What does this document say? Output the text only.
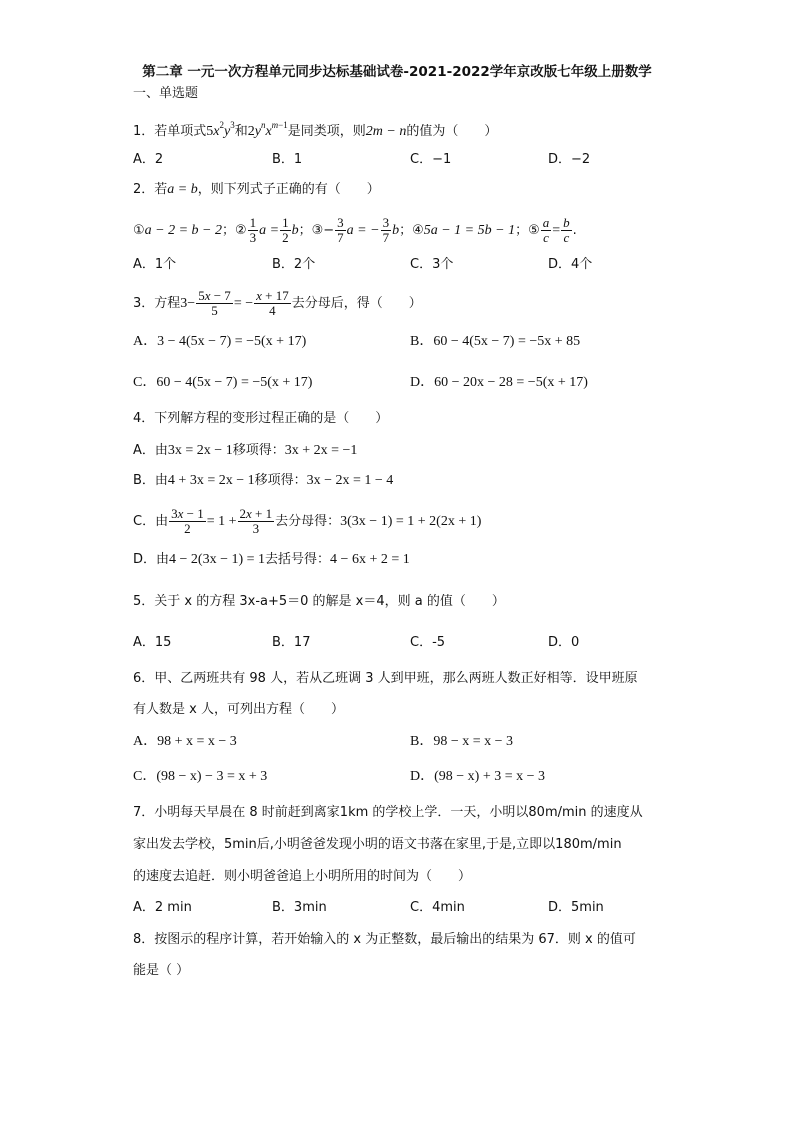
第二章 一元一次方程单元同步达标基础试卷-2021-2022学年京改版七年级上册数学
一、单选题
1．若单项式$5x^2y^3$和$2y^nx^{m-1}$是同类项，则2m − n的值为（　　）
A．2	B．1	C．−1	D．−2
2．若a = b，则下列式子正确的有（　　）
①a − 2 = b − 2；② $\frac{1}{3}$ $a = \frac{1}{2}$ b；③− $\frac{3}{7}$ a = − $\frac{3}{7}$ b；④5a − 1 = 5b − 1；⑤ $\frac{a}{c} = \frac{b}{c}$ .
A．1个	B．2个	C．3个	D．4个
3．方程$3- \frac{5x - 7}{5}$ = − $\frac{x + 17}{4}$ 去分母后，得（　　）
A．3 − 4(5x − 7) = −5(x + 17)	B．60 − 4(5x − 7) = −5x + 85
C．60 − 4(5x − 7) = −5(x + 17)	D．60 − 20x − 28 = −5(x + 17)
4．下列解方程的变形过程正确的是（　　）
A．由3x = 2x − 1移项得：3x + 2x = −1
B．由4 + 3x = 2x − 1移项得：3x − 2x = 1 − 4
C．由 $\frac{3x - 1}{2} = 1 + \frac{2x + 1}{3}$ 去分母得：3(3x − 1) = 1 + 2(2x + 1)
D．由4 − 2(3x − 1) = 1去括号得：4 − 6x + 2 = 1
5．关于 x 的方程 3x-a+5＝0 的解是 x＝4，则 a 的值（　　）
A．15	B．17	C．-5	D．0
6．甲、乙两班共有 98 人，若从乙班调 3 人到甲班，那么两班人数正好相等．设甲班原
有人数是 x 人，可列出方程（　　）
A．98 + x = x − 3	B．98 − x = x − 3
C．(98 − x) − 3 = x + 3	D．(98 − x) + 3 = x − 3
7．小明每天早晨在 8 时前赶到离家1km 的学校上学．一天，小明以80m/min 的速度从
家出发去学校，5min后,小明爸爸发现小明的语文书落在家里,于是,立即以180m/min
的速度去追赶．则小明爸爸追上小明所用的时间为（　　）
A．2 min	B．3min	C．4min	D．5min
8．按图示的程序计算，若开始输入的 x 为正整数，最后输出的结果为 67．则 x 的值可
能是（ ）
